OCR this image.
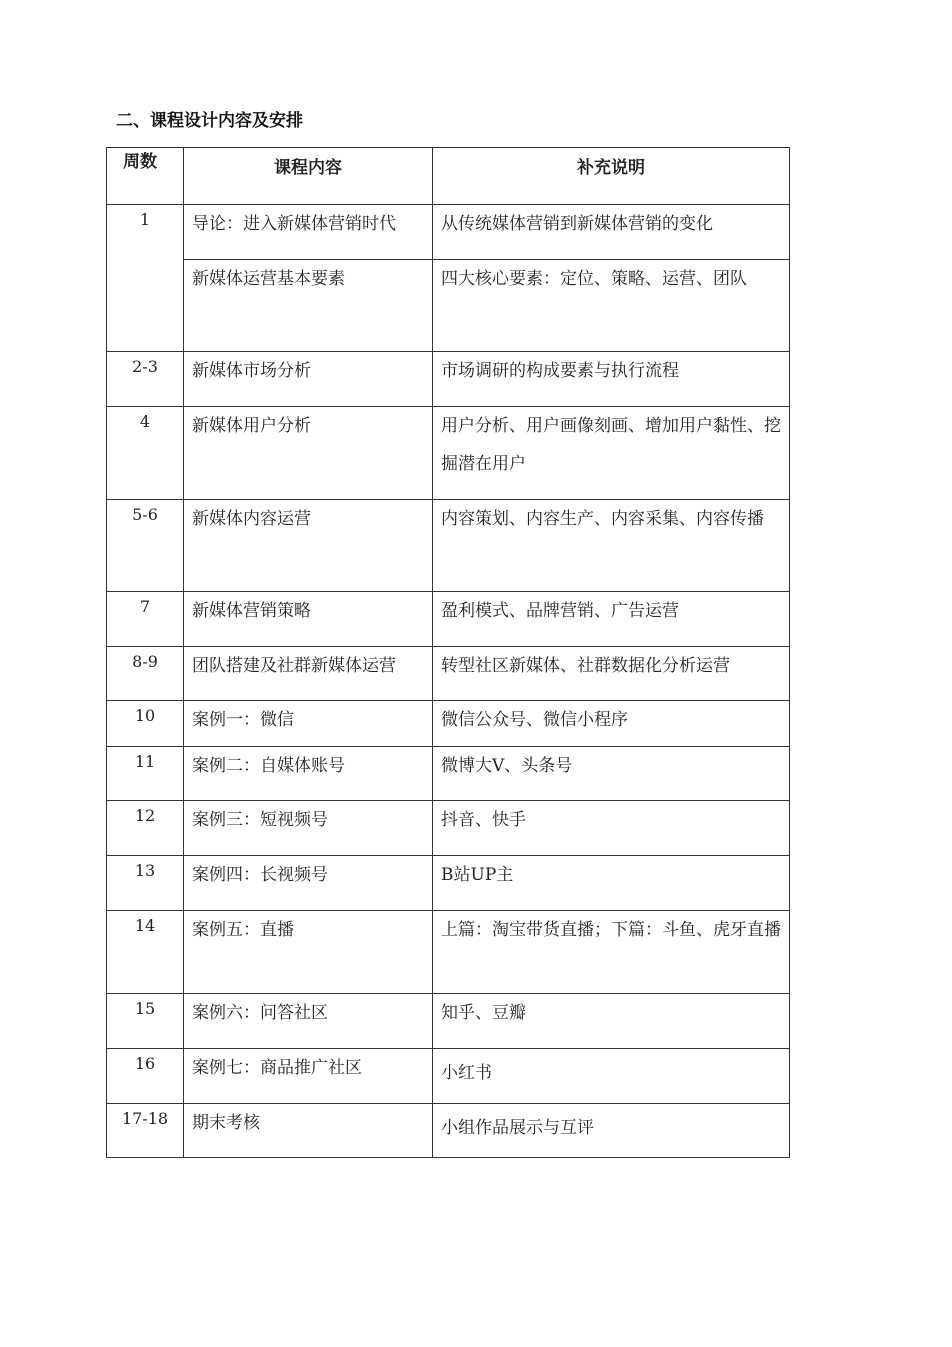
二、课程设计内容及安排
周数	课程内容	补充说明
1	导论：进入新媒体营销时代	从传统媒体营销到新媒体营销的变化
	新媒体运营基本要素	四大核心要素：定位、策略、运营、团队
2-3	新媒体市场分析	市场调研的构成要素与执行流程
4	新媒体用户分析	用户分析、用户画像刻画、增加用户黏性、挖掘潜在用户
5-6	新媒体内容运营	内容策划、内容生产、内容采集、内容传播
7	新媒体营销策略	盈利模式、品牌营销、广告运营
8-9	团队搭建及社群新媒体运营	转型社区新媒体、社群数据化分析运营
10	案例一：微信	微信公众号、微信小程序
11	案例二：自媒体账号	微博大V、头条号
12	案例三：短视频号	抖音、快手
13	案例四：长视频号	B站UP主
14	案例五：直播	上篇：淘宝带货直播；下篇：斗鱼、虎牙直播
15	案例六：问答社区	知乎、豆瓣
16	案例七：商品推广社区	小红书
17-18	期末考核	小组作品展示与互评
